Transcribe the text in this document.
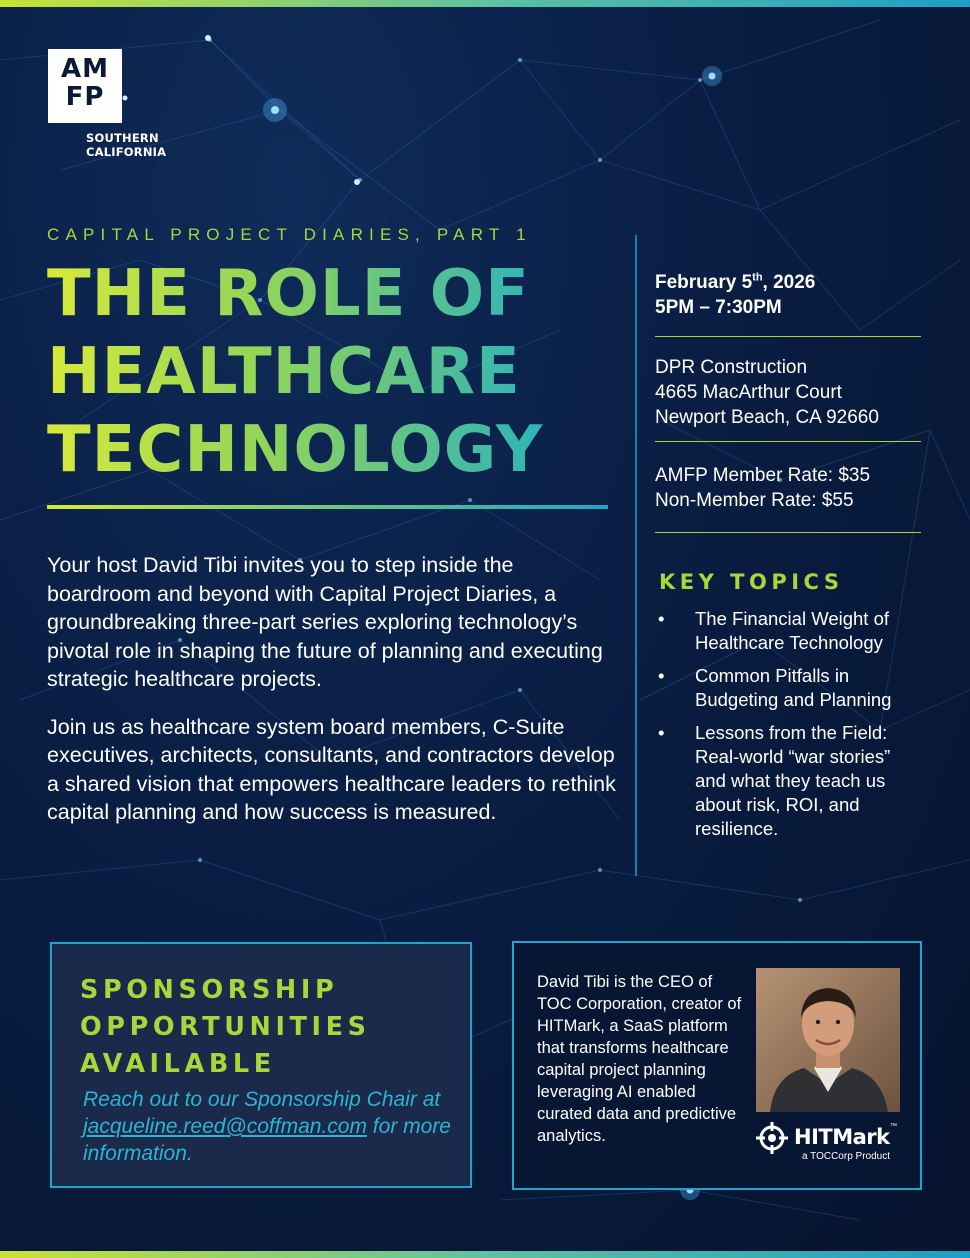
AM
FP
SOUTHERN
CALIFORNIA
CAPITAL PROJECT DIARIES, PART 1
THE ROLE OF
HEALTHCARE
TECHNOLOGY

Your host David Tibi invites you to step inside the boardroom and beyond with Capital Project Diaries, a groundbreaking three-part series exploring technology’s pivotal role in shaping the future of planning and executing strategic healthcare projects.

Join us as healthcare system board members, C-Suite executives, architects, consultants, and contractors develop a shared vision that empowers healthcare leaders to rethink capital planning and how success is measured.

February 5th, 2026
5PM – 7:30PM
DPR Construction
4665 MacArthur Court
Newport Beach, CA 92660
AMFP Member Rate: $35
Non-Member Rate: $55
KEY TOPICS
• The Financial Weight of Healthcare Technology
• Common Pitfalls in Budgeting and Planning
• Lessons from the Field: Real-world “war stories” and what they teach us about risk, ROI, and resilience.
SPONSORSHIP
OPPORTUNITIES
AVAILABLE
Reach out to our Sponsorship Chair at jacqueline.reed@coffman.com for more information.
David Tibi is the CEO of TOC Corporation, creator of HITMark, a SaaS platform that transforms healthcare capital project planning leveraging AI enabled curated data and predictive analytics.	HITMark ™
a TOCCorp Product
